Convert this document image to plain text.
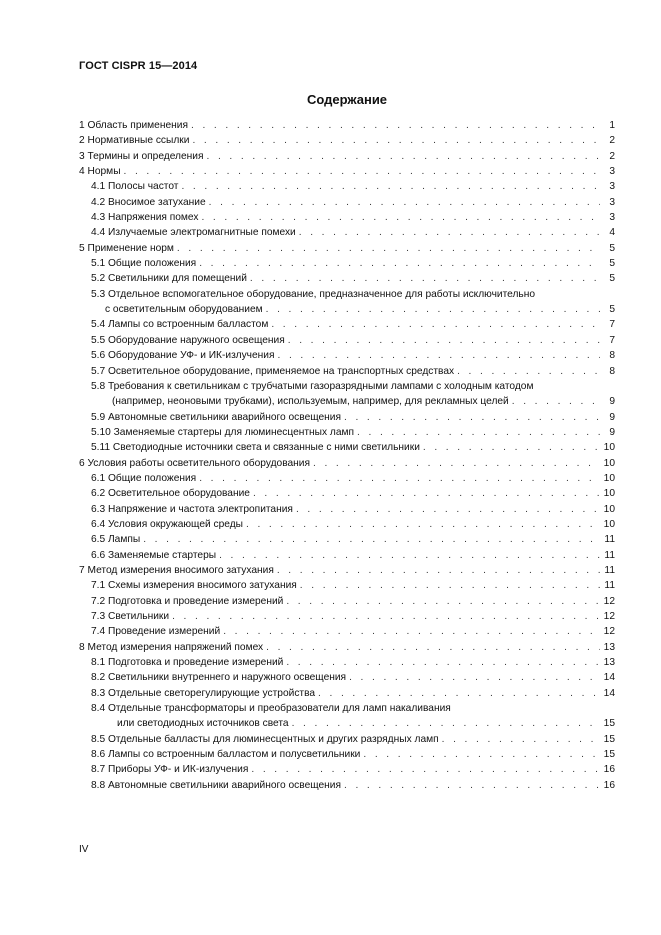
ГОСТ CISPR 15—2014
Содержание
1 Область применения . . .	1
2 Нормативные ссылки . . .	2
3 Термины и определения . . .	2
4 Нормы . . .	3
4.1 Полосы частот . . .	3
4.2 Вносимое затухание . . .	3
4.3 Напряжения помех . . .	3
4.4 Излучаемые электромагнитные помехи . . .	4
5 Применение норм . . .	5
5.1 Общие положения . . .	5
5.2 Светильники для помещений . . .	5
5.3 Отдельное вспомогательное оборудование, предназначенное для работы исключительно
с осветительным оборудованием . . .	5
5.4 Лампы со встроенным балластом . . .	7
5.5 Оборудование наружного освещения . . .	7
5.6 Оборудование УФ- и ИК-излучения . . .	8
5.7 Осветительное оборудование, применяемое на транспортных средствах . . .	8
5.8 Требования к светильникам с трубчатыми газоразрядными лампами с холодным катодом
(например, неоновыми трубками), используемым, например, для рекламных целей . . .	9
5.9 Автономные светильники аварийного освещения . . .	9
5.10 Заменяемые стартеры для люминесцентных ламп . . .	9
5.11 Светодиодные источники света и связанные с ними светильники . . .	10
6 Условия работы осветительного оборудования . . .	10
6.1 Общие положения . . .	10
6.2 Осветительное оборудование . . .	10
6.3 Напряжение и частота электропитания . . .	10
6.4 Условия окружающей среды . . .	10
6.5 Лампы . . .	11
6.6 Заменяемые стартеры . . .	11
7 Метод измерения вносимого затухания . . .	11
7.1 Схемы измерения вносимого затухания . . .	11
7.2 Подготовка и проведение измерений . . .	12
7.3 Светильники . . .	12
7.4 Проведение измерений . . .	12
8 Метод измерения напряжений помех . . .	13
8.1 Подготовка и проведение измерений . . .	13
8.2 Светильники внутреннего и наружного освещения . . .	14
8.3 Отдельные светорегулирующие устройства . . .	14
8.4 Отдельные трансформаторы и преобразователи для ламп накаливания
или светодиодных источников света . . .	15
8.5 Отдельные балласты для люминесцентных и других разрядных ламп . . .	15
8.6 Лампы со встроенным балластом и полусветильники . . .	15
8.7 Приборы УФ- и ИК-излучения . . .	16
8.8 Автономные светильники аварийного освещения . . .	16
IV
